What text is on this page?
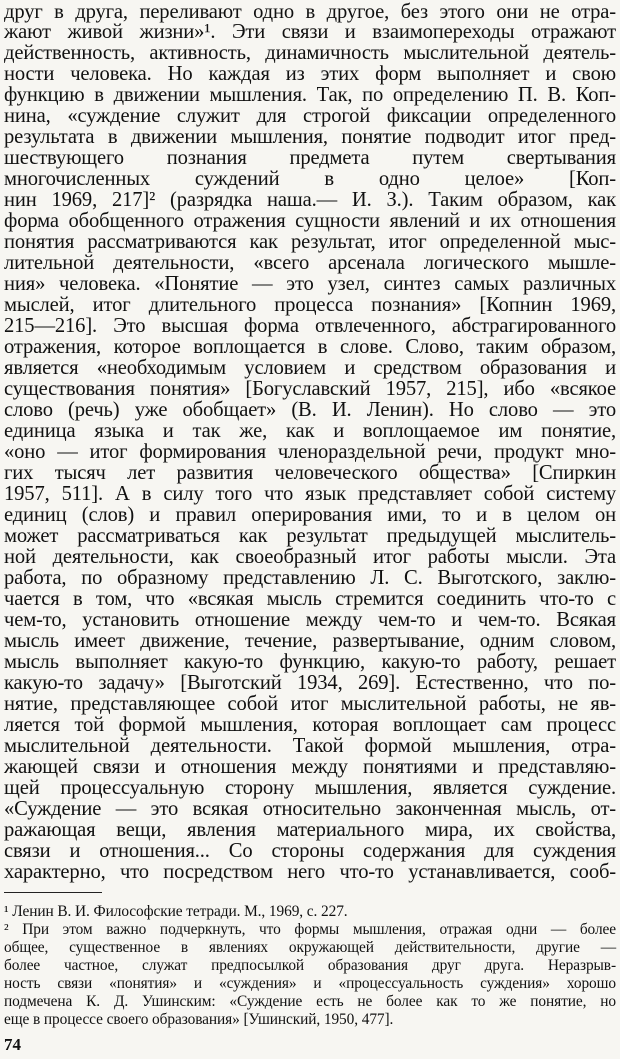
друг в друга, переливают одно в другое, без этого они не отра-
жают живой жизни»¹. Эти связи и взаимопереходы отражают
действенность, активность, динамичность мыслительной деятель-
ности человека. Но каждая из этих форм выполняет и свою
функцию в движении мышления. Так, по определению П. В. Коп-
нина, «суждение служит для строгой фиксации определенного
результата в движении мышления, понятие подводит итог пред-
шествующего познания предмета путем свертывания
многочисленных суждений в одно целое» [Коп-
нин 1969, 217]² (разрядка наша.— И. З.). Таким образом, как
форма обобщенного отражения сущности явлений и их отношения
понятия рассматриваются как результат, итог определенной мыс-
лительной деятельности, «всего арсенала логического мышле-
ния» человека. «Понятие — это узел, синтез самых различных
мыслей, итог длительного процесса познания» [Копнин 1969,
215—216]. Это высшая форма отвлеченного, абстрагированного
отражения, которое воплощается в слове. Слово, таким образом,
является «необходимым условием и средством образования и
существования понятия» [Богуславский 1957, 215], ибо «всякое
слово (речь) уже обобщает» (В. И. Ленин). Но слово — это
единица языка и так же, как и воплощаемое им понятие,
«оно — итог формирования членораздельной речи, продукт мно-
гих тысяч лет развития человеческого общества» [Спиркин
1957, 511]. А в силу того что язык представляет собой систему
единиц (слов) и правил оперирования ими, то и в целом он
может рассматриваться как результат предыдущей мыслитель-
ной деятельности, как своеобразный итог работы мысли. Эта
работа, по образному представлению Л. С. Выготского, заклю-
чается в том, что «всякая мысль стремится соединить что-то с
чем-то, установить отношение между чем-то и чем-то. Всякая
мысль имеет движение, течение, развертывание, одним словом,
мысль выполняет какую-то функцию, какую-то работу, решает
какую-то задачу» [Выготский 1934, 269]. Естественно, что по-
нятие, представляющее собой итог мыслительной работы, не яв-
ляется той формой мышления, которая воплощает сам процесс
мыслительной деятельности. Такой формой мышления, отра-
жающей связи и отношения между понятиями и представляю-
щей процессуальную сторону мышления, является суждение.
«Суждение — это всякая относительно законченная мысль, от-
ражающая вещи, явления материального мира, их свойства,
связи и отношения... Со стороны содержания для суждения
характерно, что посредством него что-то устанавливается, сооб-
¹ Ленин В. И. Философские тетради. М., 1969, с. 227.
² При этом важно подчеркнуть, что формы мышления, отражая одни — более
общее, существенное в явлениях окружающей действительности, другие —
более частное, служат предпосылкой образования друг друга. Неразрыв-
ность связи «понятия» и «суждения» и «процессуальность суждения» хорошо
подмечена К. Д. Ушинским: «Суждение есть не более как то же понятие, но
еще в процессе своего образования» [Ушинский, 1950, 477].
74
